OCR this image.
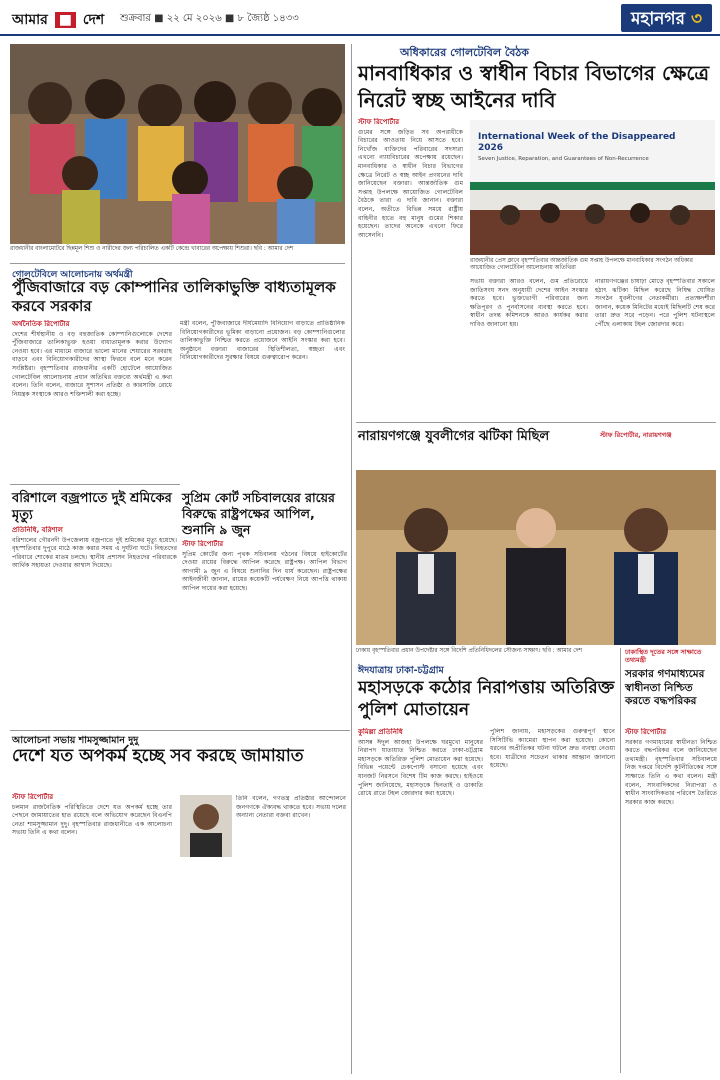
আমার ■ দেশ শুক্রবার ■ ২২ মে ২০২৬ ■ ৮ জ্যৈষ্ঠ ১৪৩৩	মহানগর ৩
রাজধানীর বাংলামোটরে ছিন্নমূল শিশু ও নারীদের জন্য পরিচালিত একটি কেন্দ্রে খাবারের অপেক্ষায় শিশুরা। ছবি : আমার দেশ
গোলটেবিলে আলোচনায় অর্থমন্ত্রী
পুঁজিবাজারে বড় কোম্পানির তালিকাভুক্তি বাধ্যতামূলক করবে সরকার
অর্থনৈতিক রিপোর্টার
দেশের শীর্ষস্থানীয় ও বড় বহুজাতিক কোম্পানিগুলোকে দেশের পুঁজিবাজারে তালিকাভুক্ত হওয়া বাধ্যতামূলক করার উদ্যোগ নেওয়া হবে। এর মাধ্যমে বাজারে ভালো মানের শেয়ারের সরবরাহ বাড়বে এবং বিনিয়োগকারীদের আস্থা ফিরবে বলে মনে করেন সংশ্লিষ্টরা। বৃহস্পতিবার রাজধানীর একটি হোটেলে আয়োজিত গোলটেবিল আলোচনায় প্রধান অতিথির বক্তব্যে অর্থমন্ত্রী এ কথা বলেন। তিনি বলেন, বাজারে সুশাসন প্রতিষ্ঠা ও কারসাজি রোধে নিয়ন্ত্রক সংস্থাকে আরও শক্তিশালী করা হচ্ছে।
মন্ত্রী বলেন, পুঁজিবাজারে দীর্ঘমেয়াদি বিনিয়োগ বাড়াতে প্রাতিষ্ঠানিক বিনিয়োগকারীদের ভূমিকা বাড়ানো প্রয়োজন। বড় কোম্পানিগুলোর তালিকাভুক্তি নিশ্চিত করতে প্রয়োজনে আইনি সংস্কার করা হবে। অনুষ্ঠানে বক্তারা বাজারের স্থিতিশীলতা, স্বচ্ছতা এবং বিনিয়োগকারীদের সুরক্ষার বিষয়ে গুরুত্বারোপ করেন।
বরিশালে বজ্রপাতে দুই শ্রমিকের মৃত্যু
প্রতিনিধি, বরিশাল
বরিশালের গৌরনদী উপজেলায় বজ্রপাতে দুই শ্রমিকের মৃত্যু হয়েছে। বৃহস্পতিবার দুপুরে মাঠে কাজ করার সময় এ দুর্ঘটনা ঘটে। নিহতদের পরিবারে শোকের মাতম চলছে। স্থানীয় প্রশাসন নিহতদের পরিবারকে আর্থিক সহায়তা দেওয়ার আশ্বাস দিয়েছে।
সুপ্রিম কোর্ট সচিবালয়ের রায়ের বিরুদ্ধে রাষ্ট্রপক্ষের আপিল, শুনানি ৯ জুন
স্টাফ রিপোর্টার
সুপ্রিম কোর্টের জন্য পৃথক সচিবালয় গঠনের বিষয়ে হাইকোর্টের দেওয়া রায়ের বিরুদ্ধে আপিল করেছে রাষ্ট্রপক্ষ। আপিল বিভাগ আগামী ৯ জুন এ বিষয়ে শুনানির দিন ধার্য করেছেন। রাষ্ট্রপক্ষের আইনজীবী জানান, রায়ের কয়েকটি পর্যবেক্ষণ নিয়ে আপত্তি থাকায় আপিল দায়ের করা হয়েছে।
আলোচনা সভায় শামসুজ্জামান দুদু
দেশে যত অপকর্ম হচ্ছে সব করছে জামায়াত
স্টাফ রিপোর্টার
চলমান রাজনৈতিক পরিস্থিতিতে দেশে যত অপকর্ম হচ্ছে তার পেছনে জামায়াতের হাত রয়েছে বলে অভিযোগ করেছেন বিএনপি নেতা শামসুজ্জামান দুদু। বৃহস্পতিবার রাজধানীতে এক আলোচনা সভায় তিনি এ কথা বলেন।
তিনি বলেন, গণতন্ত্র প্রতিষ্ঠার আন্দোলনে জনগণকে ঐক্যবদ্ধ থাকতে হবে। সভায় দলের অন্যান্য নেতারা বক্তব্য রাখেন।
অধিকারের গোলটেবিল বৈঠক
মানবাধিকার ও স্বাধীন বিচার বিভাগের ক্ষেত্রে নিরেট স্বচ্ছ আইনের দাবি
স্টাফ রিপোর্টার
গুমের সঙ্গে জড়িত সব অপরাধীকে বিচারের আওতায় নিয়ে আসতে হবে। নিখোঁজ ব্যক্তিদের পরিবারের সদস্যরা এখনো ন্যায়বিচারের অপেক্ষায় রয়েছেন। মানবাধিকার ও স্বাধীন বিচার বিভাগের ক্ষেত্রে নিরেট ও স্বচ্ছ আইন প্রণয়নের দাবি জানিয়েছেন বক্তারা। আন্তর্জাতিক গুম সপ্তাহ উপলক্ষে আয়োজিত গোলটেবিল বৈঠকে তারা এ দাবি জানান। বক্তারা বলেন, অতীতে বিভিন্ন সময়ে রাষ্ট্রীয় বাহিনীর হাতে বহু মানুষ গুমের শিকার হয়েছেন। তাদের অনেকে এখনো ফিরে আসেননি।
International Week of the Disappeared 2026
Seven Justice, Reparation, and Guarantees of Non-Recurrence
রাজধানীর প্রেস ক্লাবে বৃহস্পতিবার আন্তর্জাতিক গুম সপ্তাহ উপলক্ষে মানবাধিকার সংগঠন অধিকার আয়োজিত গোলটেবিল আলোচনায় অতিথিরা
সভায় বক্তারা আরও বলেন, গুম প্রতিরোধে জাতিসংঘ সনদ অনুযায়ী দেশের আইন সংস্কার করতে হবে। ভুক্তভোগী পরিবারের জন্য ক্ষতিপূরণ ও পুনর্বাসনের ব্যবস্থা করতে হবে। স্বাধীন তদন্ত কমিশনকে আরও কার্যকর করার দাবিও জানানো হয়।
নারায়ণগঞ্জের চাষাঢ়া মোড়ে বৃহস্পতিবার সকালে হঠাৎ ঝটিকা মিছিল করেছে নিষিদ্ধ ঘোষিত সংগঠন যুবলীগের নেতাকর্মীরা। প্রত্যক্ষদর্শীরা জানান, কয়েক মিনিটের মধ্যেই মিছিলটি শেষ করে তারা দ্রুত সরে পড়েন। পরে পুলিশ ঘটনাস্থলে পৌঁছে এলাকায় টহল জোরদার করে।
ঢাকায় বৃহস্পতিবার প্রধান উপদেষ্টার সঙ্গে বিদেশি প্রতিনিধিদলের সৌজন্য সাক্ষাৎ। ছবি : আমার দেশ
নারায়ণগঞ্জে যুবলীগের ঝটিকা মিছিল	স্টাফ রিপোর্টার, নারায়ণগঞ্জ
ঢাকাস্থিত দূতের সঙ্গে সাক্ষাতে তথ্যমন্ত্রী
সরকার গণমাধ্যমের স্বাধীনতা নিশ্চিত করতে বদ্ধপরিকর
স্টাফ রিপোর্টার
সরকার গণমাধ্যমের স্বাধীনতা নিশ্চিত করতে বদ্ধপরিকর বলে জানিয়েছেন তথ্যমন্ত্রী। বৃহস্পতিবার সচিবালয়ে নিজ দপ্তরে বিদেশি কূটনীতিকের সঙ্গে সাক্ষাতে তিনি এ কথা বলেন। মন্ত্রী বলেন, সাংবাদিকদের নিরাপত্তা ও স্বাধীন সাংবাদিকতার পরিবেশ তৈরিতে সরকার কাজ করছে।
ঈদযাত্রায় ঢাকা-চট্টগ্রাম
মহাসড়কে কঠোর নিরাপত্তায় অতিরিক্ত পুলিশ মোতায়েন
কুমিল্লা প্রতিনিধি
আসন্ন ঈদুল আজহা উপলক্ষে ঘরমুখো মানুষের নিরাপদ যাতায়াত নিশ্চিত করতে ঢাকা-চট্টগ্রাম মহাসড়কে অতিরিক্ত পুলিশ মোতায়েন করা হয়েছে। বিভিন্ন পয়েন্টে চেকপোস্ট বসানো হয়েছে এবং যানজট নিরসনে বিশেষ টিম কাজ করছে। হাইওয়ে পুলিশ জানিয়েছে, মহাসড়কে ছিনতাই ও ডাকাতি রোধে রাতে টহল জোরদার করা হয়েছে।
পুলিশ জানায়, মহাসড়কের গুরুত্বপূর্ণ স্থানে সিসিটিভি ক্যামেরা স্থাপন করা হয়েছে। কোনো ধরনের অপ্রীতিকর ঘটনা ঘটলে দ্রুত ব্যবস্থা নেওয়া হবে। যাত্রীদের সচেতন থাকার আহ্বান জানানো হয়েছে।
